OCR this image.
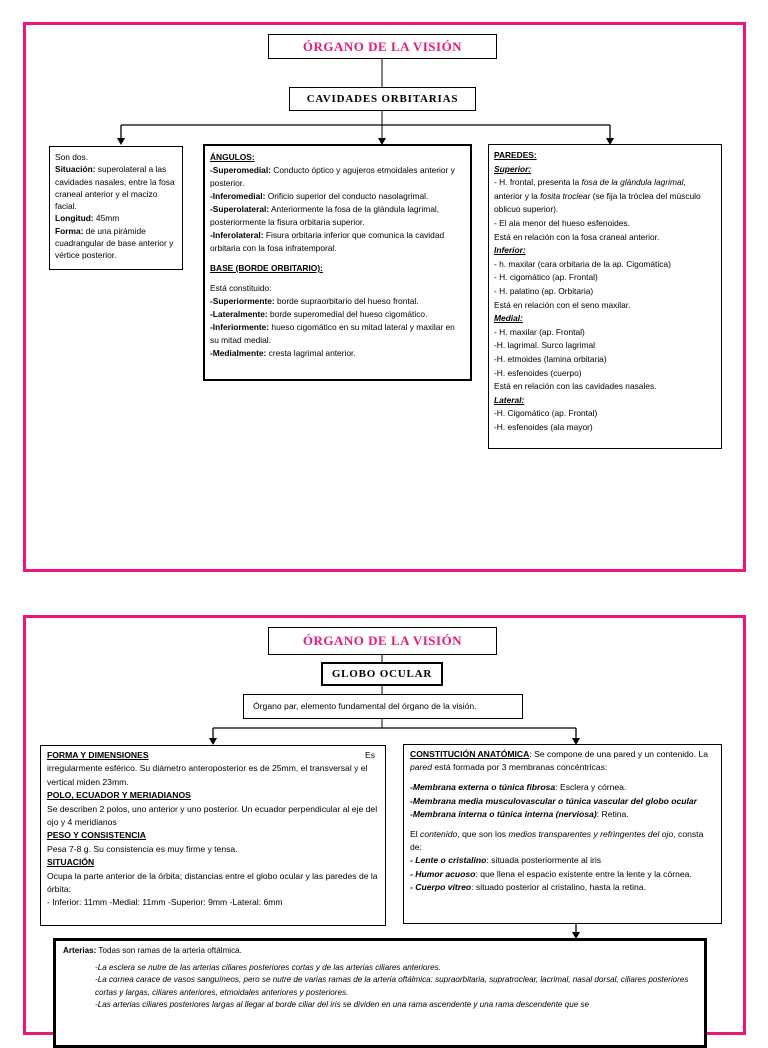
ÓRGANO DE LA VISIÓN
CAVIDADES ORBITARIAS

Son dos.

Situación: superolateral a las cavidades nasales, entre la fosa craneal anterior y el macizo facial.

Longitud: 45mm

Forma: de una pirámide cuadrangular de base anterior y vértice posterior.

ÁNGULOS:

-Superomedial: Conducto óptico y agujeros etmoidales anterior y posterior.

-Inferomedial: Orificio superior del conducto nasolagrimal.

-Superolateral: Anteriormente la fosa de la glándula lagrimal, posteriormente la fisura orbitaria superior.

-Inferolateral: Fisura orbitaria inferior que comunica la cavidad orbitaria con la fosa infratemporal.

BASE (BORDE ORBITARIO):

Está constituido:

-Superiormente: borde supraorbitario del hueso frontal.

-Lateralmente: borde superomedial del hueso cigomático.

-Inferiormente: hueso cigomático en su mitad lateral y maxilar en su mitad medial.

-Medialmente: cresta lagrimal anterior.

PAREDES:

Superior:

- H. frontal, presenta la fosa de la glándula lagrimal, anterior y la fosita troclear (se fija la tróclea del músculo oblicuo superior).

- El ala menor del hueso esfenoides.

Está en relación con la fosa craneal anterior.

Inferior:

- h. maxilar (cara orbitaria de la ap. Cigomática)

- H. cigomático (ap. Frontal)

- H. palatino (ap. Orbitaria)

Está en relación con el seno maxilar.

Medial:

- H. maxilar (ap. Frontal)

-H. lagrimal. Surco lagrimal

-H. etmoides (lamina orbitaria)

-H. esfenoides (cuerpo)

Está en relación con las cavidades nasales.

Lateral:

-H. Cigomático (ap. Frontal)

-H. esfenoides (ala mayor)

ÓRGANO DE LA VISIÓN
GLOBO OCULAR
Órgano par, elemento fundamental del órgano de la visión.

FORMA Y DIMENSIONES	Es

irregularmente esférico. Su diámetro anteroposterior es de 25mm, el transversal y el vertical miden 23mm.

POLO, ECUADOR Y MERIADIANOS

Se describen 2 polos, uno anterior y uno posterior. Un ecuador perpendicular al eje del ojo y 4 meridianos

PESO Y CONSISTENCIA

Pesa 7-8 g. Su consistencia es muy firme y tensa.

SITUACIÓN

Ocupa la parte anterior de la órbita; distancias entre el globo ocular y las paredes de la órbita:

- Inferior: 11mm -Medial: 11mm -Superior: 9mm -Lateral: 6mm

CONSTITUCIÓN ANATÓMICA: Se compone de una pared y un contenido. La pared está formada por 3 membranas concéntricas:

-Membrana externa o túnica fibrosa: Esclera y córnea.

-Membrana media musculovascular o túnica vascular del globo ocular

-Membrana interna o túnica interna (nerviosa): Retina.

El contenido, que son los medios transparentes y refringentes del ojo, consta de:

- Lente o cristalino: situada posteriormente al iris

- Humor acuoso: que llena el espacio existente entre la lente y la córnea.

- Cuerpo vítreo: situado posterior al cristalino, hasta la retina.

Arterias: Todas son ramas de la arteria oftálmica.

-La esclera se nutre de las arterias ciliares posteriores cortas y de las arterias ciliares anteriores.

-La cornea carace de vasos sanguíneos, pero se nutre de varias ramas de la arteria oftálmica: supraorbitaria, supratroclear, lacrimal, nasal dorsal, ciliares posteriores cortas y largas, ciliares anteriores, etmoidales anteriores y posteriores.

-Las arterias ciliares posteriores largas al llegar al borde ciliar del iris se dividen en una rama ascendente y una rama descendente que se
